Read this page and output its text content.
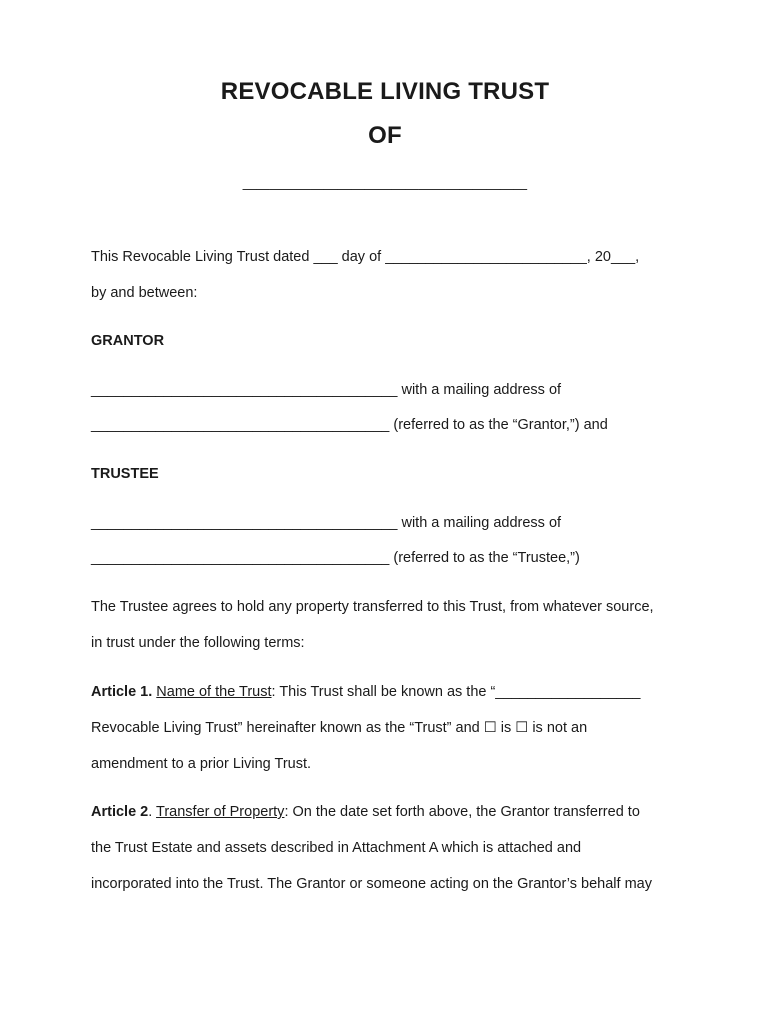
REVOCABLE LIVING TRUST
OF
_____________________
This Revocable Living Trust dated ___ day of _________________________, 20___,
by and between:
GRANTOR
______________________________________ with a mailing address of
_____________________________________ (referred to as the “Grantor,”) and
TRUSTEE
______________________________________ with a mailing address of
_____________________________________ (referred to as the “Trustee,”)
The Trustee agrees to hold any property transferred to this Trust, from whatever source,
in trust under the following terms:
Article 1. Name of the Trust: This Trust shall be known as the “__________________
Revocable Living Trust” hereinafter known as the “Trust” and ☐ is ☐ is not an
amendment to a prior Living Trust.
Article 2. Transfer of Property: On the date set forth above, the Grantor transferred to
the Trust Estate and assets described in Attachment A which is attached and
incorporated into the Trust. The Grantor or someone acting on the Grantor’s behalf may
